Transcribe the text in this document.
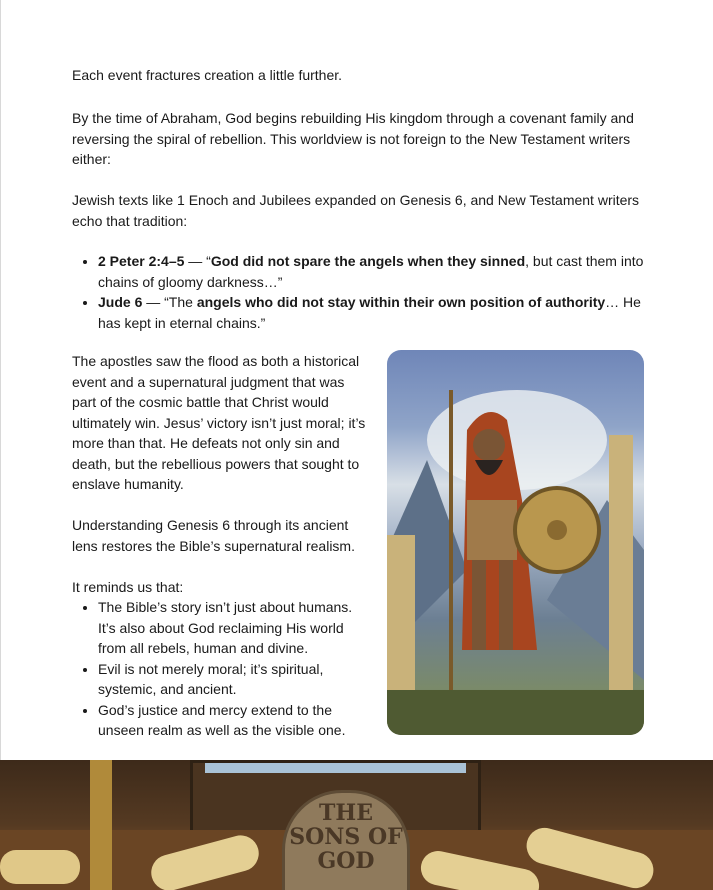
Each event fractures creation a little further.

By the time of Abraham, God begins rebuilding His kingdom through a covenant family and reversing the spiral of rebellion. This worldview is not foreign to the New Testament writers either:

Jewish texts like 1 Enoch and Jubilees expanded on Genesis 6, and New Testament writers echo that tradition:

• 2 Peter 2:4–5 — “God did not spare the angels when they sinned, but cast them into chains of gloomy darkness…”
• Jude 6 — “The angels who did not stay within their own position of authority… He has kept in eternal chains.”

The apostles saw the flood as both a historical event and a supernatural judgment that was part of the cosmic battle that Christ would ultimately win. Jesus’ victory isn’t just moral; it’s more than that. He defeats not only sin and death, but the rebellious powers that sought to enslave humanity.

Understanding Genesis 6 through its ancient lens restores the Bible’s supernatural realism.

It reminds us that:

• The Bible’s story isn’t just about humans. It’s also about God reclaiming His world from all rebels, human and divine.
• Evil is not merely moral; it’s spiritual, systemic, and ancient.
• God’s justice and mercy extend to the unseen realm as well as the visible one.
THE SONS OF GOD
